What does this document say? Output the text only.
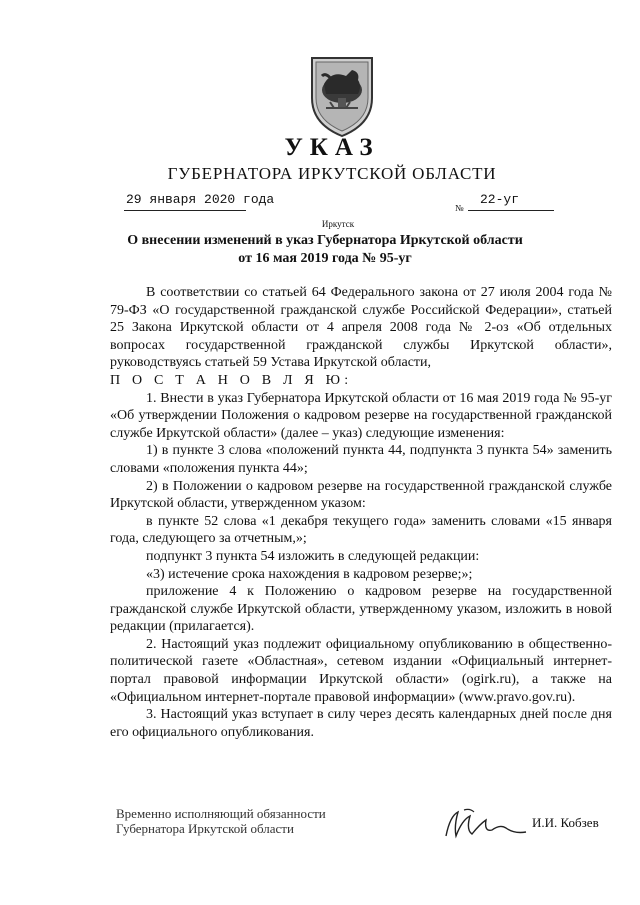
УКАЗ
ГУБЕРНАТОРА ИРКУТСКОЙ ОБЛАСТИ
29 января 2020 года
№
22-уг
Иркутск
О внесении изменений в указ Губернатора Иркутской области
от 16 мая 2019 года № 95-уг

В соответствии со статьей 64 Федерального закона от 27 июля 2004 года № 79-ФЗ «О государственной гражданской службе Российской Федерации», статьей 25 Закона Иркутской области от 4 апреля 2008 года № 2-оз «Об отдельных вопросах государственной гражданской службы Иркутской области», руководствуясь статьей 59 Устава Иркутской области,

П О С Т А Н О В Л Я Ю:

1. Внести в указ Губернатора Иркутской области от 16 мая 2019 года № 95-уг «Об утверждении Положения о кадровом резерве на государственной гражданской службе Иркутской области» (далее – указ) следующие изменения:

1) в пункте 3 слова «положений пункта 44, подпункта 3 пункта 54» заменить словами «положения пункта 44»;

2) в Положении о кадровом резерве на государственной гражданской службе Иркутской области, утвержденном указом:

в пункте 52 слова «1 декабря текущего года» заменить словами «15 января года, следующего за отчетным,»;

подпункт 3 пункта 54 изложить в следующей редакции:

«3) истечение срока нахождения в кадровом резерве;»;

приложение 4 к Положению о кадровом резерве на государственной гражданской службе Иркутской области, утвержденному указом, изложить в новой редакции (прилагается).

2. Настоящий указ подлежит официальному опубликованию в общественно-политической газете «Областная», сетевом издании «Официальный интернет-портал правовой информации Иркутской области» (ogirk.ru), а также на «Официальном интернет-портале правовой информации» (www.pravo.gov.ru).

3. Настоящий указ вступает в силу через десять календарных дней после дня его официального опубликования.

Временно исполняющий обязанности
Губернатора Иркутской области	И.И. Кобзев
